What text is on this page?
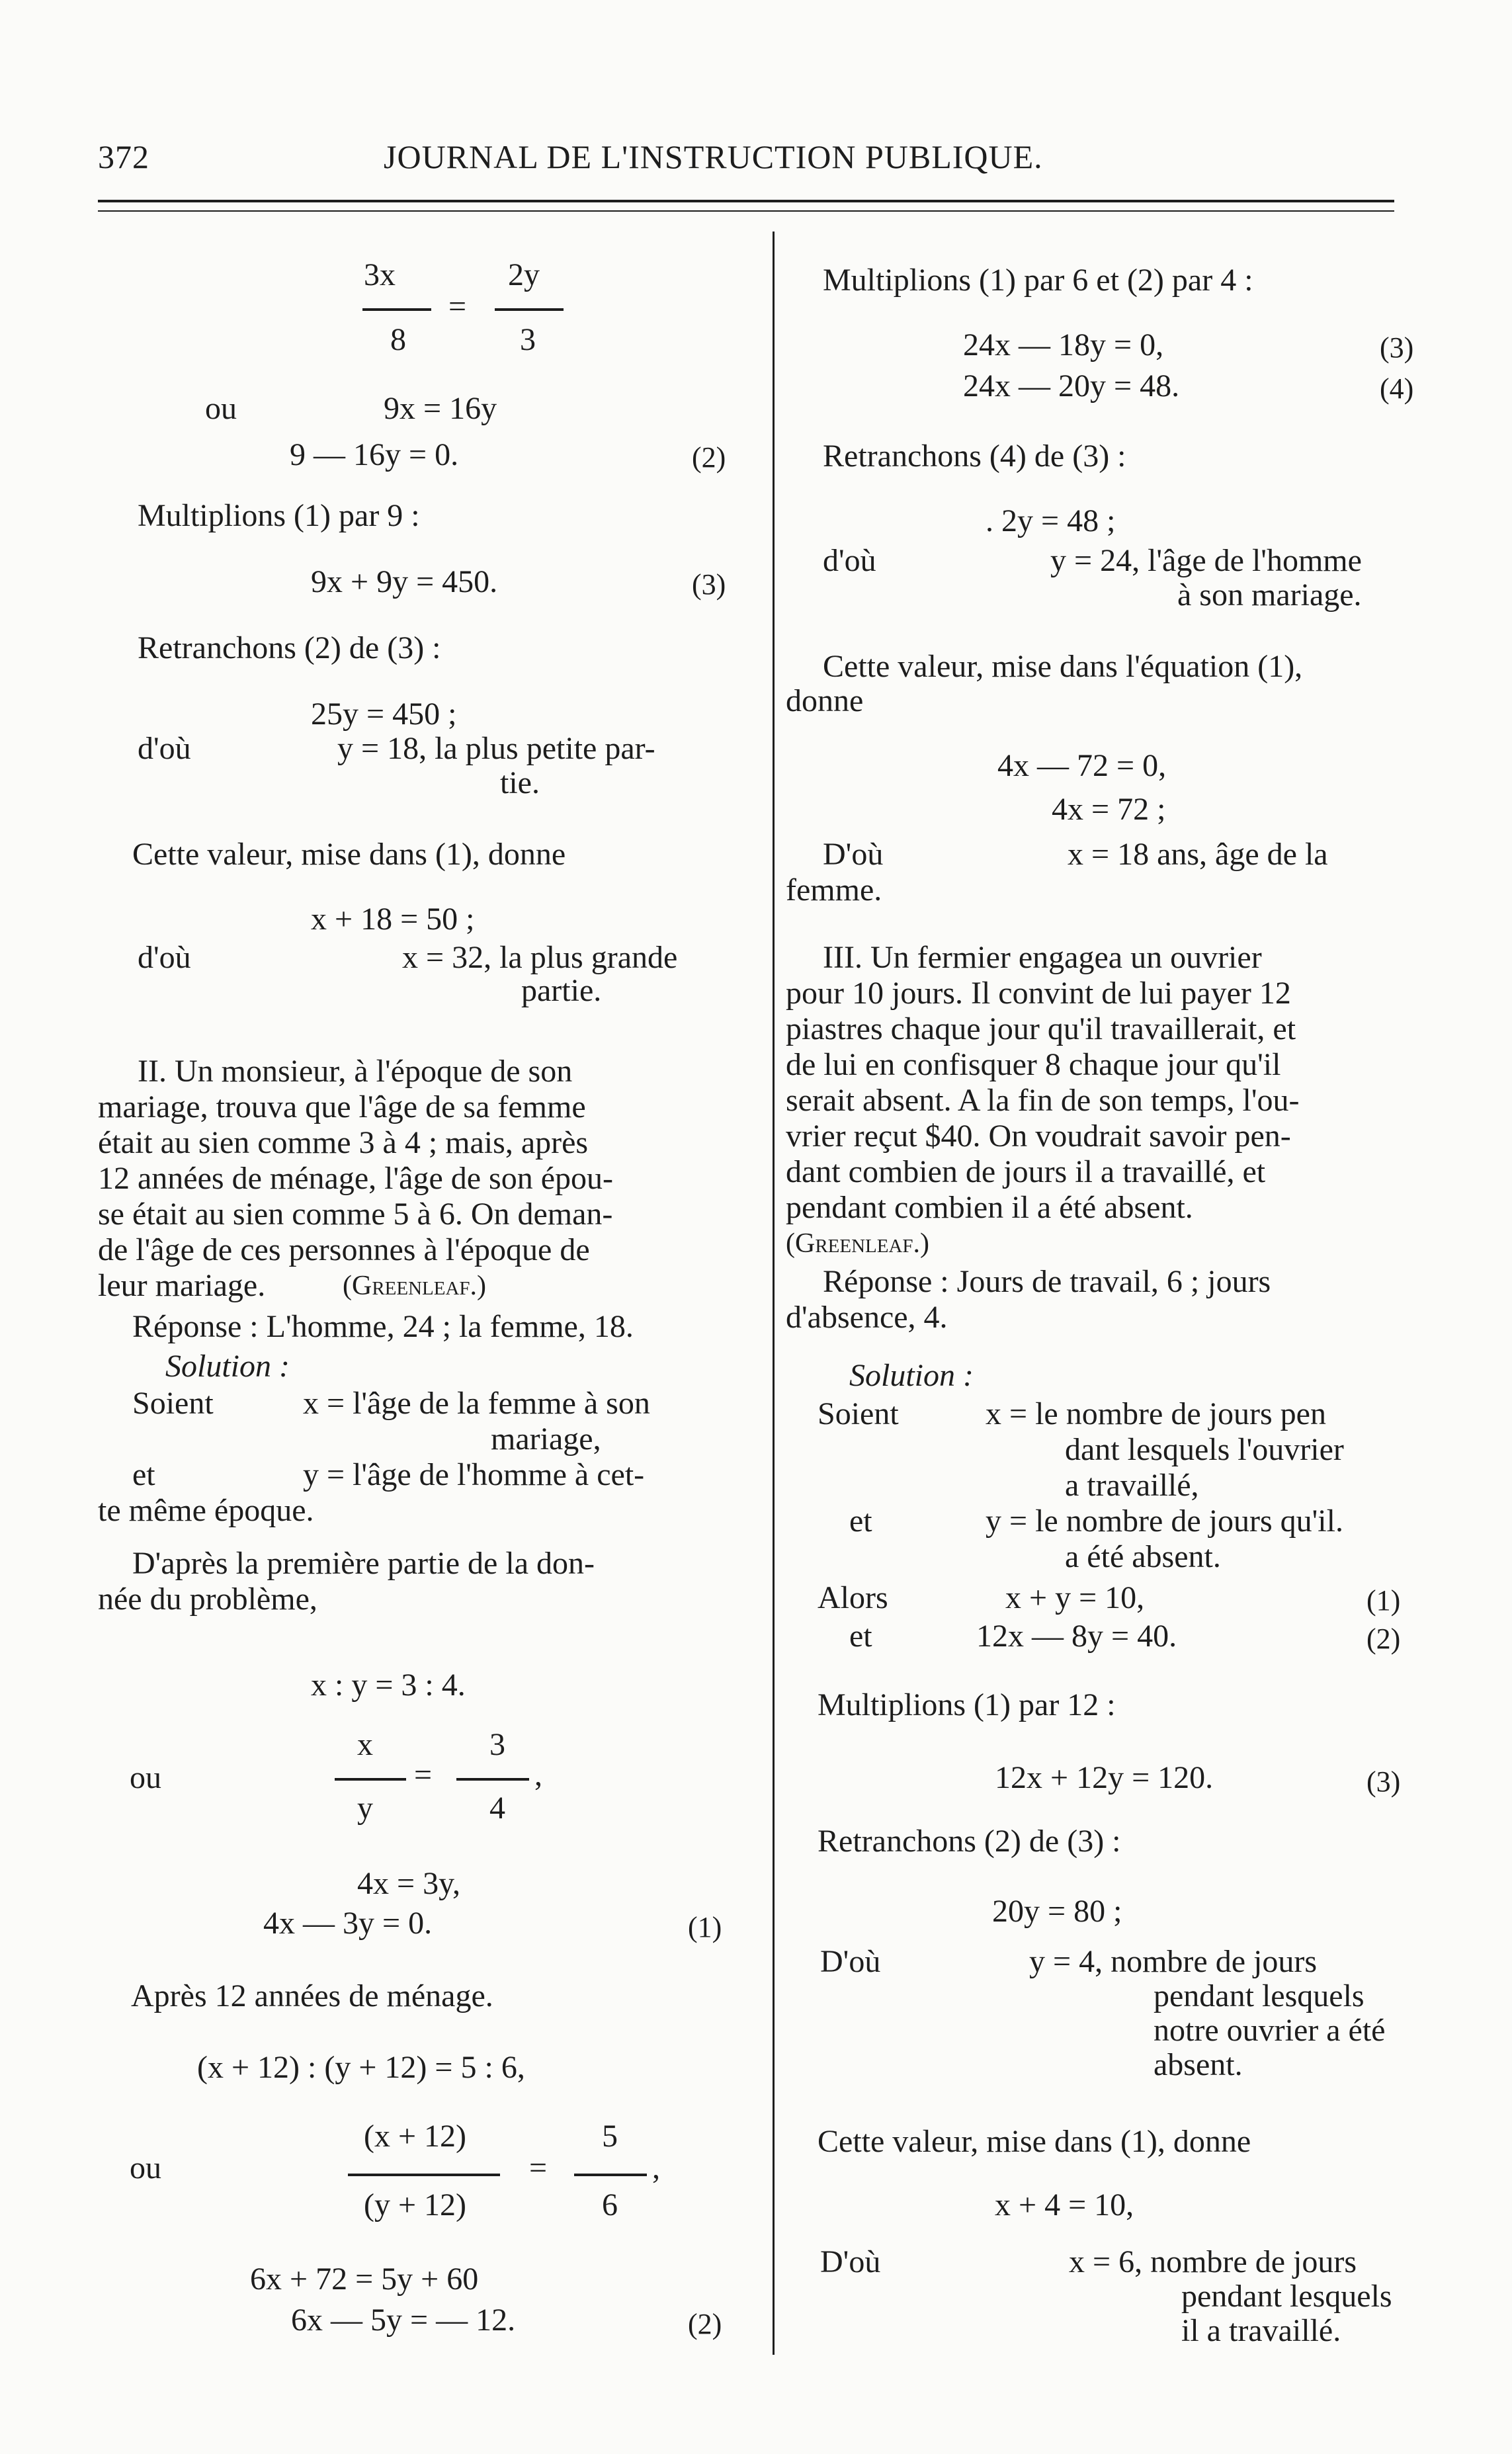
372	JOURNAL DE L'INSTRUCTION PUBLIQUE.
3x	2y
=
8	3
ou	9x = 16y
9 — 16y = 0.	(2)
Multiplions (1) par 9 :
9x + 9y = 450.	(3)
Retranchons (2) de (3) :
25y = 450 ;
d'où	y = 18, la plus petite par-
tie.
Cette valeur, mise dans (1), donne
x + 18 = 50 ;
d'où	x = 32, la plus grande
partie.
II. Un monsieur, à l'époque de son
mariage, trouva que l'âge de sa femme
était au sien comme 3 à 4 ; mais, après
12 années de ménage, l'âge de son épou-
se était au sien comme 5 à 6. On deman-
de l'âge de ces personnes à l'époque de
leur mariage.	(Greenleaf.)
Réponse : L'homme, 24 ; la femme, 18.
Solution :
Soient	x = l'âge de la femme à son
mariage,
et	y = l'âge de l'homme à cet-
te même époque.
D'après la première partie de la don-
née du problème,
x : y = 3 : 4.
ou
x	3
=	,
y	4
4x = 3y,
4x — 3y = 0.	(1)
Après 12 années de ménage.
(x + 12) : (y + 12) = 5 : 6,
ou
(x + 12)	5
=	,
(y + 12)	6
6x + 72 = 5y + 60
6x — 5y = — 12.	(2)
Multiplions (1) par 6 et (2) par 4 :
24x — 18y = 0,	(3)
24x — 20y = 48.	(4)
Retranchons (4) de (3) :
. 2y = 48 ;
d'où	y = 24, l'âge de l'homme
à son mariage.
Cette valeur, mise dans l'équation (1),
donne
4x — 72 = 0,
4x = 72 ;
D'où	x = 18 ans, âge de la
femme.
III. Un fermier engagea un ouvrier
pour 10 jours. Il convint de lui payer 12
piastres chaque jour qu'il travaillerait, et
de lui en confisquer 8 chaque jour qu'il
serait absent. A la fin de son temps, l'ou-
vrier reçut $40. On voudrait savoir pen-
dant combien de jours il a travaillé, et
pendant combien il a été absent.
(Greenleaf.)
Réponse : Jours de travail, 6 ; jours
d'absence, 4.
Solution :
Soient	x = le nombre de jours pen
dant lesquels l'ouvrier
a travaillé,
et	y = le nombre de jours qu'il.
a été absent.
Alors	x + y = 10,	(1)
et	12x — 8y = 40.	(2)
Multiplions (1) par 12 :
12x + 12y = 120.	(3)
Retranchons (2) de (3) :
20y = 80 ;
D'où	y = 4, nombre de jours
pendant lesquels
notre ouvrier a été
absent.
Cette valeur, mise dans (1), donne
x + 4 = 10,
D'où	x = 6, nombre de jours
pendant lesquels
il a travaillé.
